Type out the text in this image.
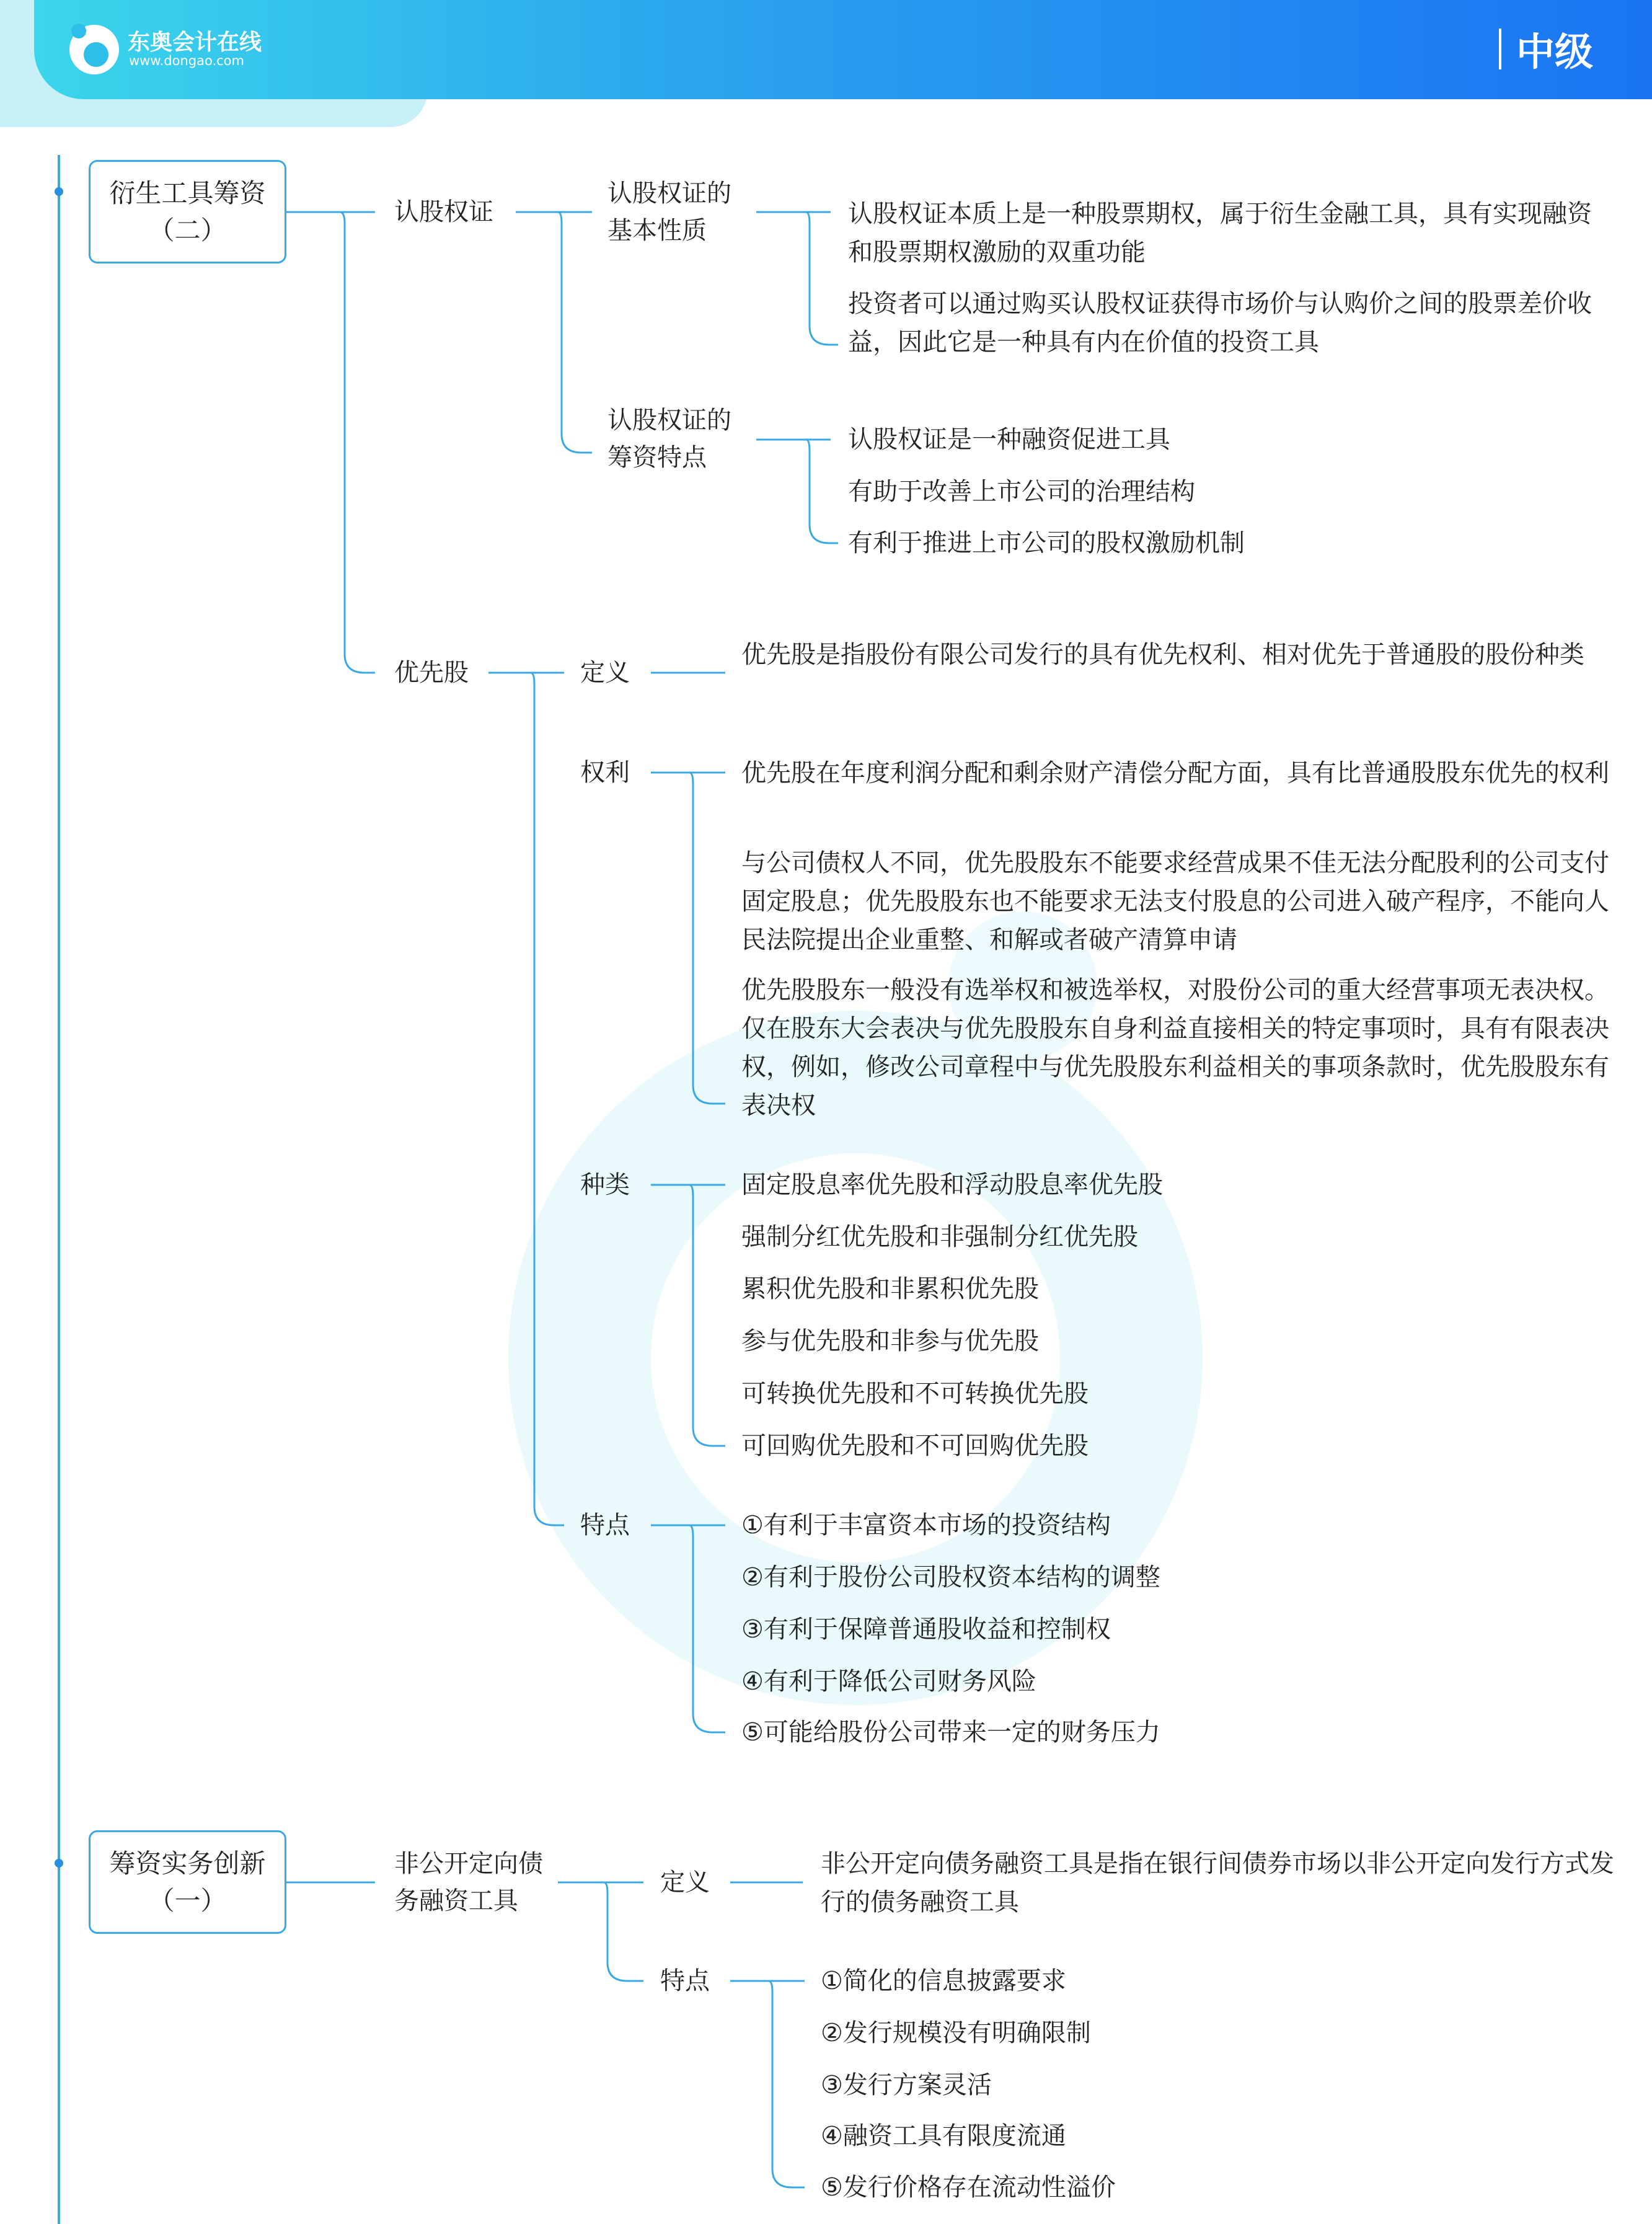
东奥会计在线
www.dongao.com	中级
衍生工具筹资
（二）
认股权证
认股权证的
基本性质
认股权证本质上是一种股票期权，属于衍生金融工具，具有实现融资和股票期权激励的双重功能
投资者可以通过购买认股权证获得市场价与认购价之间的股票差价收益，因此它是一种具有内在价值的投资工具
认股权证的
筹资特点
认股权证是一种融资促进工具
有助于改善上市公司的治理结构
有利于推进上市公司的股权激励机制
优先股	定义
优先股是指股份有限公司发行的具有优先权利、相对优先于普通股的股份种类
权利	优先股在年度利润分配和剩余财产清偿分配方面，具有比普通股股东优先的权利
与公司债权人不同，优先股股东不能要求经营成果不佳无法分配股利的公司支付固定股息；优先股股东也不能要求无法支付股息的公司进入破产程序，不能向人民法院提出企业重整、和解或者破产清算申请
优先股股东一般没有选举权和被选举权，对股份公司的重大经营事项无表决权。仅在股东大会表决与优先股股东自身利益直接相关的特定事项时，具有有限表决权，例如，修改公司章程中与优先股股东利益相关的事项条款时，优先股股东有表决权
种类	固定股息率优先股和浮动股息率优先股
强制分红优先股和非强制分红优先股
累积优先股和非累积优先股
参与优先股和非参与优先股
可转换优先股和不可转换优先股
可回购优先股和不可回购优先股
特点	①有利于丰富资本市场的投资结构
②有利于股份公司股权资本结构的调整
③有利于保障普通股收益和控制权
④有利于降低公司财务风险
⑤可能给股份公司带来一定的财务压力
筹资实务创新
（一）
非公开定向债
务融资工具
定义
非公开定向债务融资工具是指在银行间债券市场以非公开定向发行方式发行的债务融资工具
特点	①简化的信息披露要求
②发行规模没有明确限制
③发行方案灵活
④融资工具有限度流通
⑤发行价格存在流动性溢价
